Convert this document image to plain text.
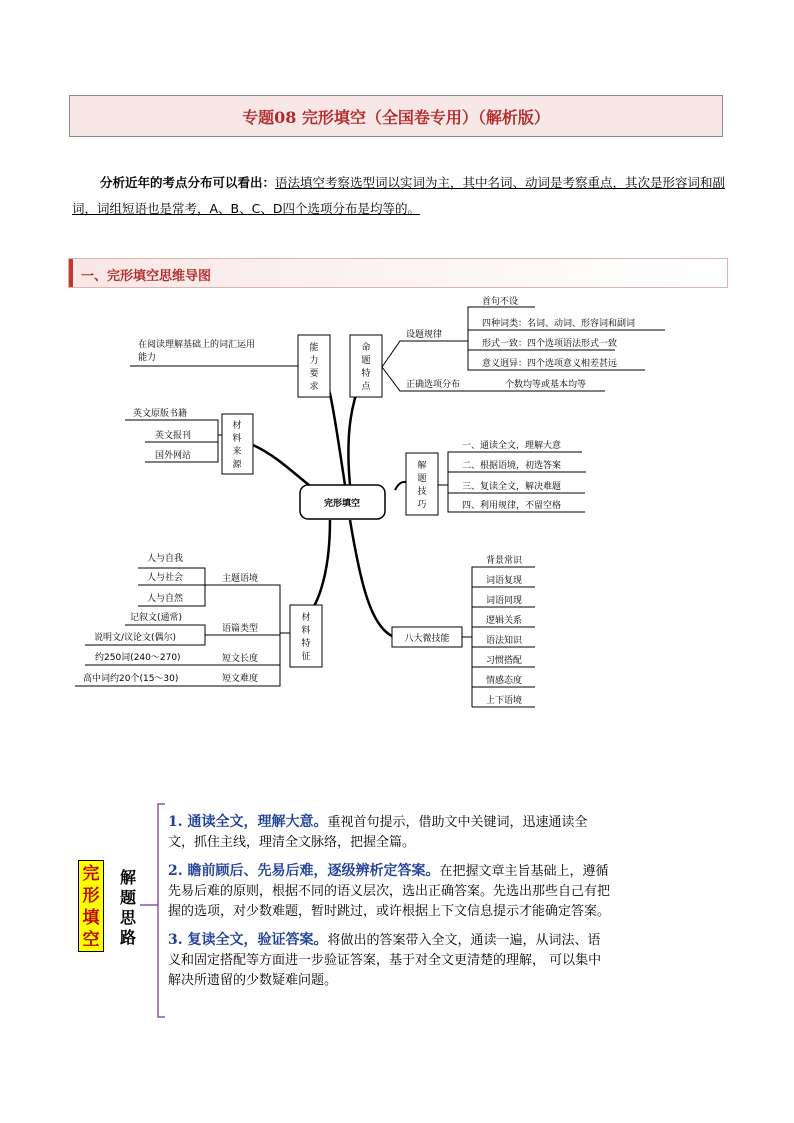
专题08 完形填空（全国卷专用）（解析版）
分析近年的考点分布可以看出：语法填空考察选型词以实词为主，其中名词、动词是考察重点，其次是形容词和副词，词组短语也是常考，A、B、C、D四个选项分布是均等的。
一、完形填空思维导图
完形填空
能
力
要
求
命
题
特
点
材
料
来
源	解
题
技
巧
材
料
特
征
八大微技能
在阅读理解基础上的词汇运用
能力
设题规律
首句不设
四种词类：名词、动词、形容词和副词
形式一致：四个选项语法形式一致
意义迥异：四个选项意义相差甚远
正确选项分布	个数均等或基本均等
英文原版书籍
英文报刊
国外网站
一、通读全文，理解大意
二、根据语境，初选答案
三、复读全文，解决难题
四、利用规律，不留空格
背景常识
词语复现
词语同现
逻辑关系
语法知识
习惯搭配
情感态度
上下语境
主题语境
人与自我
人与社会
人与自然
语篇类型
记叙文(通常)
说明文/议论文(偶尔)
短文长度
约250词(240～270)
短文难度
高中词约20个(15～30)
完
形
填
空
解
题
思
路

1. 通读全文，理解大意。重视首句提示，借助文中关键词，迅速通读全文，抓住主线，理清全文脉络，把握全篇。

2. 瞻前顾后、先易后难，逐级辨析定答案。在把握文章主旨基础上，遵循先易后难的原则，根据不同的语义层次，选出正确答案。先选出那些自己有把握的选项，对少数难题，暂时跳过，或许根据上下文信息提示才能确定答案。

3. 复读全文，验证答案。将做出的答案带入全文，通读一遍，从词法、语义和固定搭配等方面进一步验证答案，基于对全文更清楚的理解， 可以集中解决所遗留的少数疑难问题。
